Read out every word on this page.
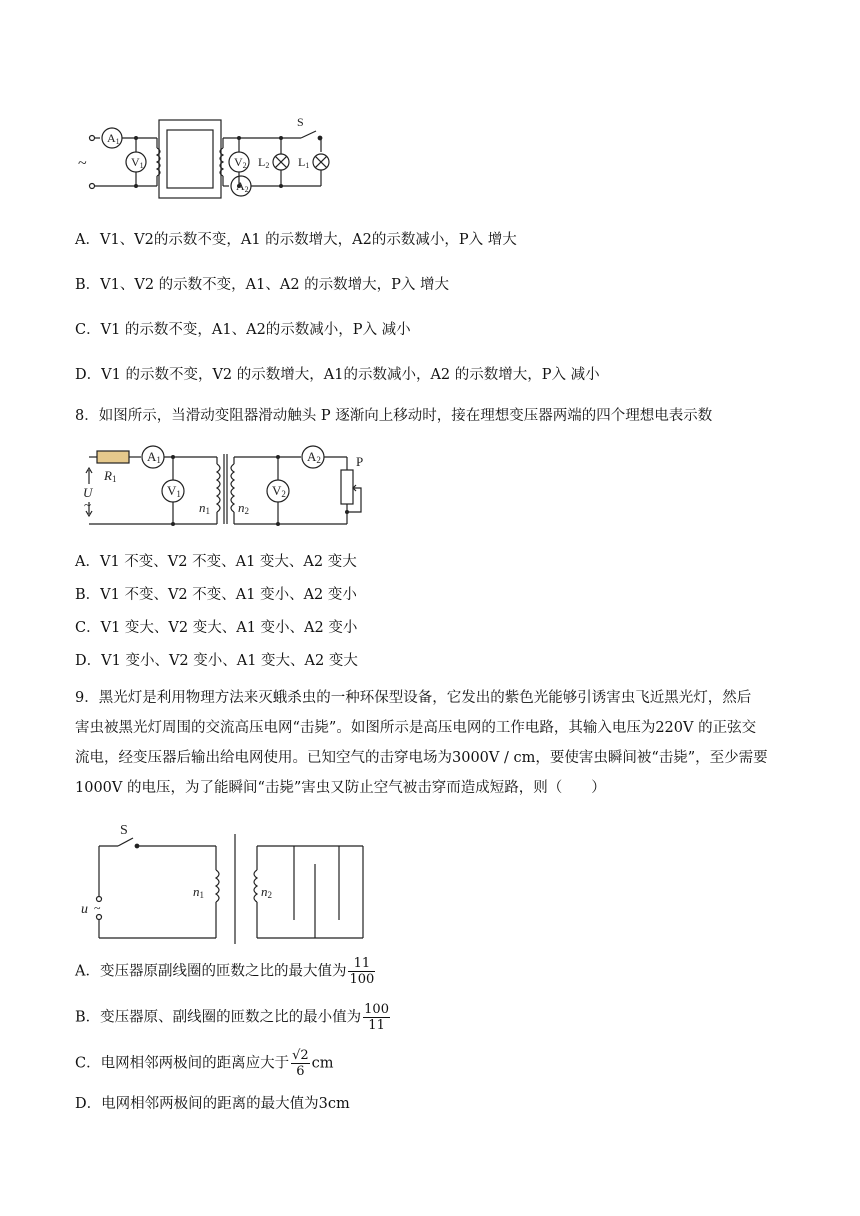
~
A1
V1	V2
A2
L2 L1
S
A．V1、V2的示数不变，A1 的示数增大，A2的示数减小，P入 增大
B．V1、V2 的示数不变，A1、A2 的示数增大，P入 增大
C．V1 的示数不变，A1、A2的示数减小，P入 减小
D．V1 的示数不变，V2 的示数增大，A1的示数减小，A2 的示数增大，P入 减小
8．如图所示，当滑动变阻器滑动触头 P 逐渐向上移动时，接在理想变压器两端的四个理想电表示数
R1
A1
V1
n1 n2
V2
A2	P
U
~
A．V1 不变、V2 不变、A1 变大、A2 变大
B．V1 不变、V2 不变、A1 变小、A2 变小
C．V1 变大、V2 变大、A1 变小、A2 变小
D．V1 变小、V2 变小、A1 变大、A2 变大
9．黑光灯是利用物理方法来灭蛾杀虫的一种环保型设备，它发出的紫色光能够引诱害虫飞近黑光灯，然后
害虫被黑光灯周围的交流高压电网“击毙”。如图所示是高压电网的工作电路，其输入电压为220V 的正弦交
流电，经变压器后输出给电网使用。已知空气的击穿电场为3000V / cm，要使害虫瞬间被“击毙”，至少需要
1000V 的电压，为了能瞬间“击毙”害虫又防止空气被击穿而造成短路，则（　　）
S
u ~
n1	n2
A．变压器原副线圈的匝数之比的最大值为 $\frac{11}{100}$
B．变压器原、副线圈的匝数之比的最小值为 $\frac{100}{11}$
C．电网相邻两极间的距离应大于 $\frac{√2}{6}$ cm
D．电网相邻两极间的距离的最大值为3cm
